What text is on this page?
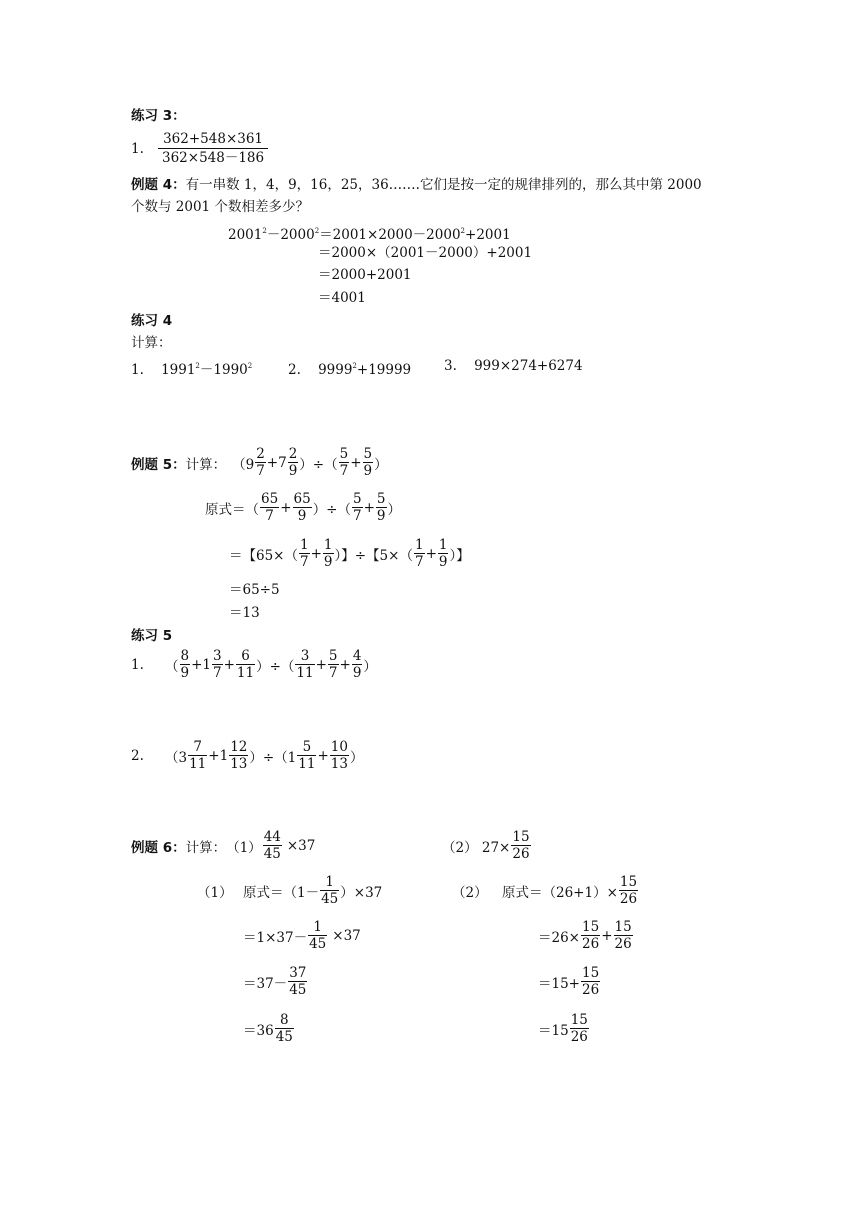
练习 3：
1. $\frac{362+548\times 361}{362\times 548-186}$
例题 4：有一串数 1，4，9，16，25，36…….它们是按一定的规律排列的，那么其中第 2000
个数与 2001 个数相差多少？
$2001^2-2000^2=2001\times 2000-2000^2+2001$
＝2000×（2001－2000）+2001
＝2000+2001
＝4001
练习 4
计算：
1. $1991^2-1990^2$	2. $9999^2+19999$ 3. 999×274+6274
例题 5： 计算： （$9 \frac{2}{7} +7 \frac{2}{9}$ ）÷（ $\frac{5}{7} + \frac{5}{9}$ ）
原式＝（ $\frac{65}{7} + \frac{65}{9}$ ）÷（ $\frac{5}{7} + \frac{5}{9}$ ）
＝【$65\times( \frac{1}{7} + \frac{1}{9}$ ）】÷【$5\times( \frac{1}{7} + \frac{1}{9}$ ）】
＝65÷5
＝13
练习 5
1.	（ $\frac{8}{9} +1 \frac{3}{7} + \frac{6}{11}$ ）÷（ $\frac{3}{11} + \frac{5}{7} + \frac{4}{9}$ ）
2.	$(3 \frac{7}{11} +1 \frac{12}{13} )\div(1 \frac{5}{11} + \frac{10}{13}$ ）
例题 6： 计算： $(1) \frac{44}{45} \times 37$	（2） $27\times \frac{15}{26}$
（1） 原式$=(1- \frac{1}{45} )\times 37$
$=1\times 37- \frac{1}{45} \times 37$
$=37- \frac{37}{45}$
$=36 \frac{8}{45}$
（2）	原式$=(26+1)\times \frac{15}{26}$
$=26\times \frac{15}{26} + \frac{15}{26}$
$=15+ \frac{15}{26}$
$=15 \frac{15}{26}$
